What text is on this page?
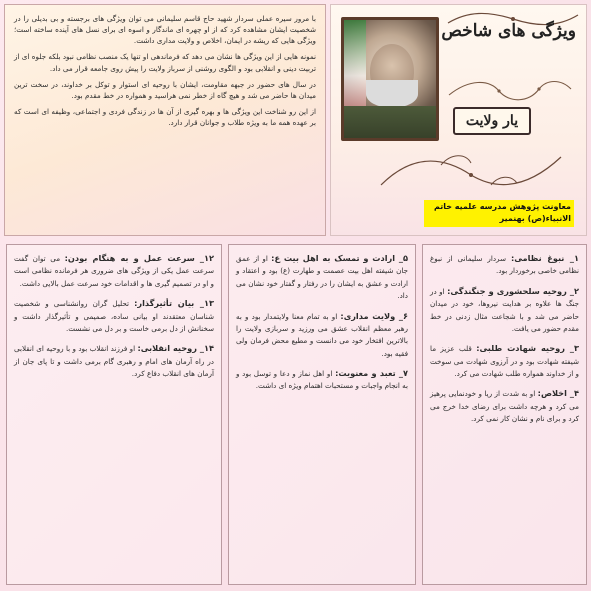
با مرور سیره عملی سردار شهید حاج قاسم سلیمانی می توان ویژگی های برجسته و بی بدیلی را در شخصیت ایشان مشاهده کرد که از او چهره ای ماندگار و اسوه ای برای نسل های آینده ساخته است؛ ویژگی هایی که ریشه در ایمان، اخلاص و ولایت مداری داشت.

نمونه هایی از این ویژگی ها نشان می دهد که فرماندهی او تنها یک منصب نظامی نبود بلکه جلوه ای از تربیت دینی و انقلابی بود و الگوی روشنی از سرباز ولایت را پیش روی جامعه قرار می داد.

در سال های حضور در جبهه مقاومت، ایشان با روحیه ای استوار و توکل بر خداوند، در سخت ترین میدان ها حاضر می شد و هیچ گاه از خطر نمی هراسید و همواره در خط مقدم بود.

از این رو شناخت این ویژگی ها و بهره گیری از آن ها در زندگی فردی و اجتماعی، وظیفه ای است که بر عهده همه ما به ویژه طلاب و جوانان قرار دارد.

ویژگی های شاخص
یار ولایت
معاونت پژوهش مدرسه علمیه خاتم الانبیاء(ص) بهنمیر
۱_ نبوغ نظامی: سردار سلیمانی از نبوغ نظامی خاصی برخوردار بود.
۲_ روحیه سلحشوری و جنگندگی: او در جنگ ها علاوه بر هدایت نیروها، خود در میدان حاضر می شد و با شجاعت مثال زدنی در خط مقدم حضور می یافت.
۳_ روحیه شهادت طلبی: قلب عزیز ما شیفته شهادت بود و در آرزوی شهادت می سوخت و از خداوند همواره طلب شهادت می کرد.
۴_ اخلاص: او به شدت از ریا و خودنمایی پرهیز می کرد و هرچه داشت برای رضای خدا خرج می کرد و برای نام و نشان کار نمی کرد.
۵_ ارادت و تمسک به اهل بیت ع: او از عمق جان شیفته اهل بیت عصمت و طهارت (ع) بود و اعتقاد و ارادت و عشق به ایشان را در رفتار و گفتار خود نشان می داد.
۶_ ولایت مداری: او به تمام معنا ولایتمدار بود و به رهبر معظم انقلاب عشق می ورزید و سربازی ولایت را بالاترین افتخار خود می دانست و مطیع محض فرمان ولی فقیه بود.
۷_ تعبد و معنویت: او اهل نماز و دعا و توسل بود و به انجام واجبات و مستحبات اهتمام ویژه ای داشت.
۱۲_ سرعت عمل و به هنگام بودن: می توان گفت سرعت عمل یکی از ویژگی های ضروری هر فرمانده نظامی است و او در تصمیم گیری ها و اقدامات خود سرعت عمل بالایی داشت.
۱۳_ بیان تأثیرگذار: تحلیل گران روانشناسی و شخصیت شناسان معتقدند او بیانی ساده، صمیمی و تأثیرگذار داشت و سخنانش از دل برمی خاست و بر دل می نشست.
۱۴_ روحیه انقلابی: او فرزند انقلاب بود و با روحیه ای انقلابی در راه آرمان های امام و رهبری گام برمی داشت و تا پای جان از آرمان های انقلاب دفاع کرد.
